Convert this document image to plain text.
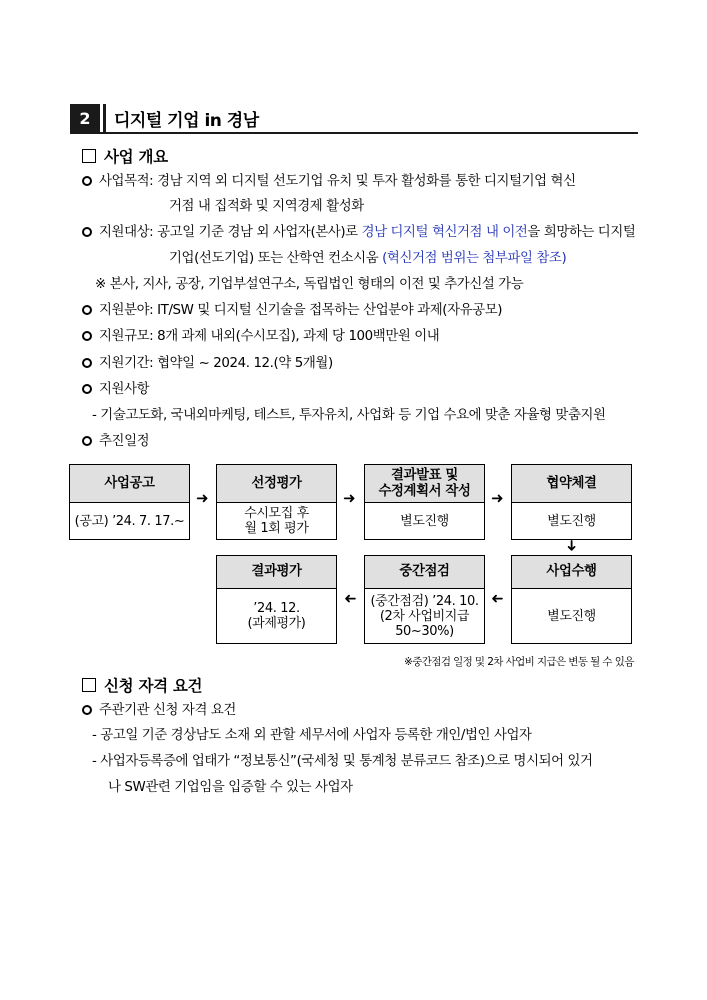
2	디지털 기업 in 경남
사업 개요
사업목적: 경남 지역 외 디지털 선도기업 유치 및 투자 활성화를 통한 디지털기업 혁신
거점 내 집적화 및 지역경제 활성화
지원대상: 공고일 기준 경남 외 사업자(본사)로 경남 디지털 혁신거점 내 이전을 희망하는 디지털
기업(선도기업) 또는 산학연 컨소시움 (혁신거점 범위는 첨부파일 참조)
※ 본사, 지사, 공장, 기업부설연구소, 독립법인 형태의 이전 및 추가신설 가능
지원분야: IT/SW 및 디지털 신기술을 접목하는 산업분야 과제(자유공모)
지원규모: 8개 과제 내외(수시모집), 과제 당 100백만원 이내
지원기간: 협약일 ~ 2024. 12.(약 5개월)
지원사항
- 기술고도화, 국내외마케팅, 테스트, 투자유치, 사업화 등 기업 수요에 맞춘 자율형 맞춤지원
추진일정
사업공고
(공고) ’24. 7. 17.~
➜
선정평가
수시모집 후
월 1회 평가
➜
결과발표 및
수정계획서 작성
별도진행
➜
협약체결
별도진행
➜
결과평가
’24. 12.
(과제평가)
➜
중간점검
(중간점검) ’24. 10.
(2차 사업비지급
50~30%)
➜
사업수행
별도진행
※중간점검 일정 및 2차 사업비 지급은 변동 될 수 있음
신청 자격 요건
주관기관 신청 자격 요건
- 공고일 기준 경상남도 소재 외 관할 세무서에 사업자 등록한 개인/법인 사업자
- 사업자등록증에 업태가 “정보통신”(국세청 및 통계청 분류코드 참조)으로 명시되어 있거
나 SW관련 기업임을 입증할 수 있는 사업자
